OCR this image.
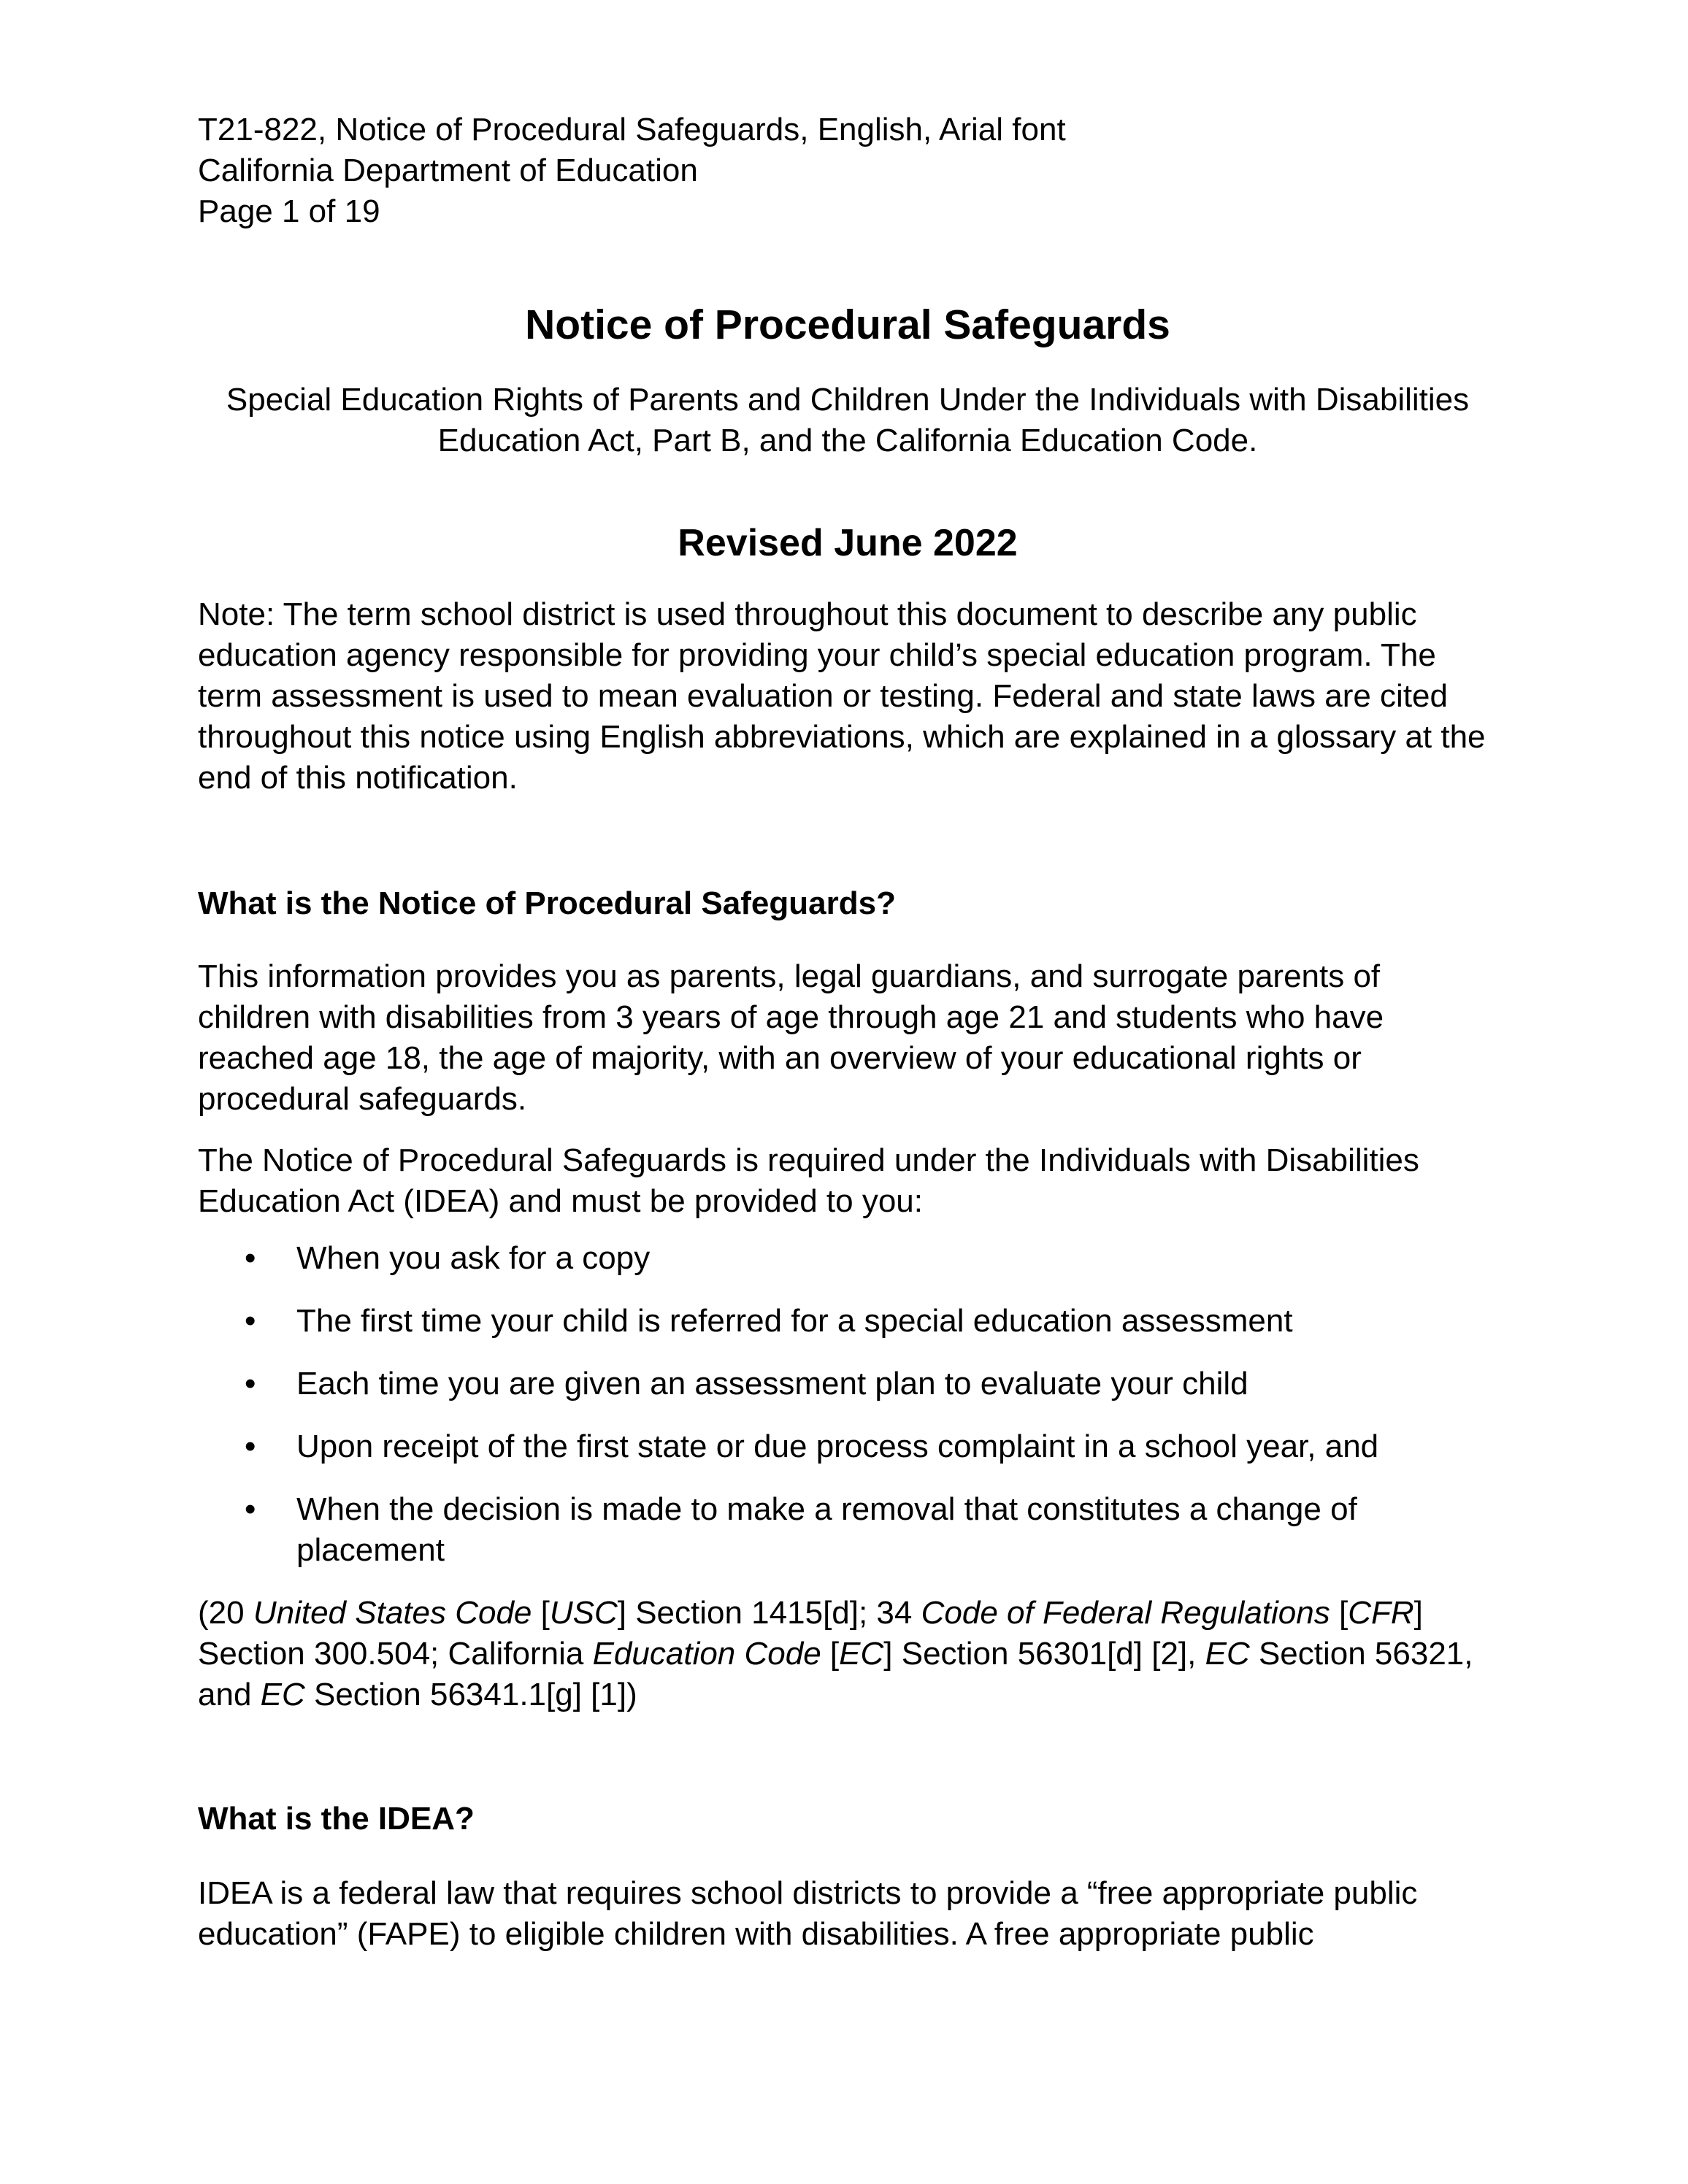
T21-822, Notice of Procedural Safeguards, English, Arial font
California Department of Education
Page 1 of 19
Notice of Procedural Safeguards
Special Education Rights of Parents and Children Under the Individuals with Disabilities
Education Act, Part B, and the California Education Code.
Revised June 2022

Note: The term school district is used throughout this document to describe any public education agency responsible for providing your child’s special education program. The term assessment is used to mean evaluation or testing. Federal and state laws are cited throughout this notice using English abbreviations, which are explained in a glossary at the end of this notification.

What is the Notice of Procedural Safeguards?

This information provides you as parents, legal guardians, and surrogate parents of children with disabilities from 3 years of age through age 21 and students who have reached age 18, the age of majority, with an overview of your educational rights or procedural safeguards.

The Notice of Procedural Safeguards is required under the Individuals with Disabilities Education Act (IDEA) and must be provided to you:

• When you ask for a copy
• The first time your child is referred for a special education assessment
• Each time you are given an assessment plan to evaluate your child
• Upon receipt of the first state or due process complaint in a school year, and
• When the decision is made to make a removal that constitutes a change of placement

(20 United States Code [USC] Section 1415[d]; 34 Code of Federal Regulations [CFR] Section 300.504; California Education Code [EC] Section 56301[d] [2], EC Section 56321, and EC Section 56341.1[g] [1])

What is the IDEA?

IDEA is a federal law that requires school districts to provide a “free appropriate public education” (FAPE) to eligible children with disabilities. A free appropriate public
